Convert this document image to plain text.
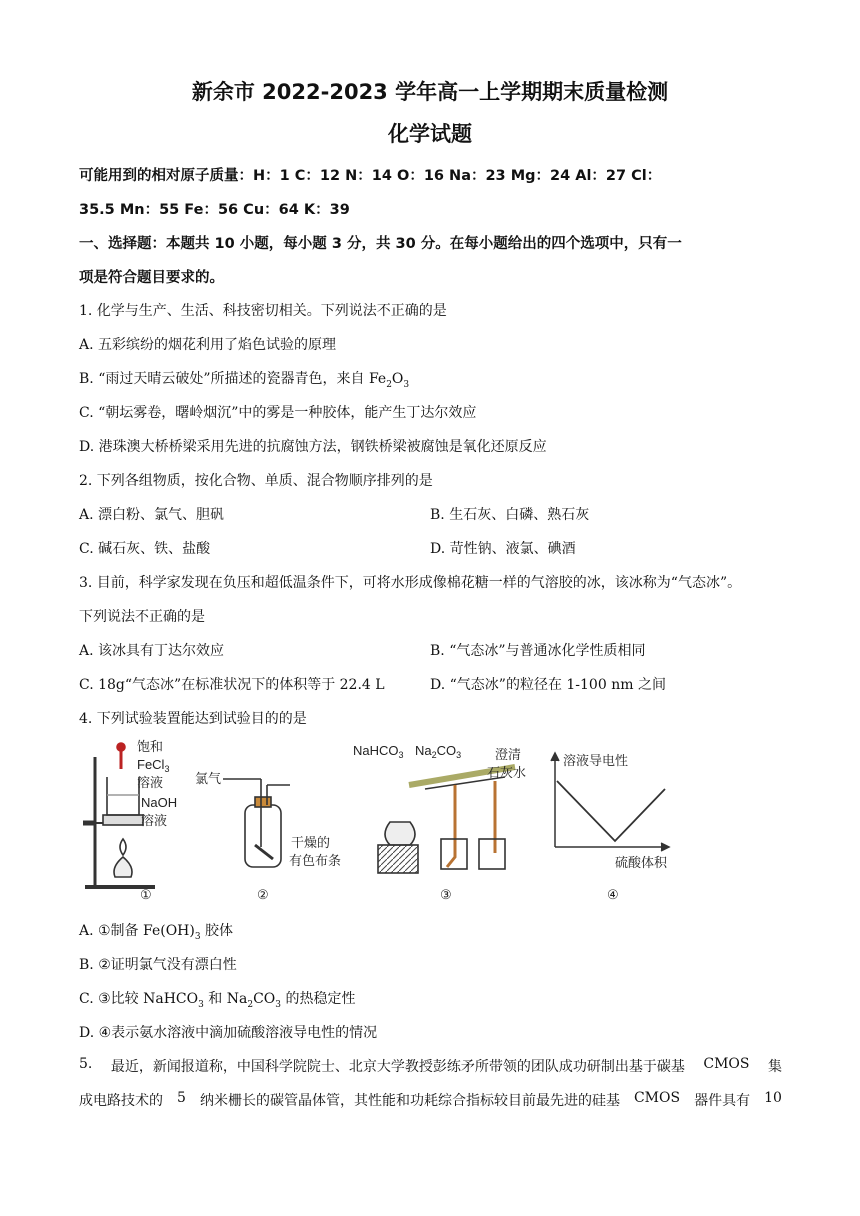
新余市 2022-2023 学年高一上学期期末质量检测
化学试题
可能用到的相对原子质量：H：1 C：12 N：14 O：16 Na：23 Mg：24 Al：27 Cl：
35.5 Mn：55 Fe：56 Cu：64 K：39
一、选择题：本题共 10 小题，每小题 3 分，共 30 分。在每小题给出的四个选项中，只有一
项是符合题目要求的。
1. 化学与生产、生活、科技密切相关。下列说法不正确的是
A. 五彩缤纷的烟花利用了焰色试验的原理
B. “雨过天晴云破处”所描述的瓷器青色，来自 $Fe_2O_3$
C. “朝坛雾卷，曙岭烟沉”中的雾是一种胶体，能产生丁达尔效应
D. 港珠澳大桥桥梁采用先进的抗腐蚀方法，钢铁桥梁被腐蚀是氧化还原反应
2. 下列各组物质，按化合物、单质、混合物顺序排列的是
A. 漂白粉、氯气、胆矾	B. 生石灰、白磷、熟石灰
C. 碱石灰、铁、盐酸	D. 苛性钠、液氯、碘酒
3. 目前，科学家发现在负压和超低温条件下，可将水形成像棉花糖一样的气溶胶的冰，该冰称为“气态冰”。
下列说法不正确的是
A. 该冰具有丁达尔效应	B. “气态冰”与普通冰化学性质相同
C. 18g“气态冰”在标准状况下的体积等于 22.4 L	D. “气态冰”的粒径在 1-100 nm 之间
4. 下列试验装置能达到试验目的的是
饱和
FeCl$_3$
溶液
NaOH
溶液
①
氯气
干燥的
有色布条
②
NaHCO$_3$ $Na_2CO_3$	澄清
石灰水
③
溶液导电性
硫酸体积
④
A. ①制备 $Fe(OH)_3$ 胶体
B. ②证明氯气没有漂白性
C. ③比较 NaHCO$_3$ 和 $Na_2CO_3$ 的热稳定性
D. ④表示氨水溶液中滴加硫酸溶液导电性的情况
5. 最近，新闻报道称，中国科学院院士、北京大学教授彭练矛所带领的团队成功研制出基于碳基 CMOS 集
成电路技术的 5 纳米栅长的碳管晶体管，其性能和功耗综合指标较目前最先进的硅基 CMOS 器件具有 10
